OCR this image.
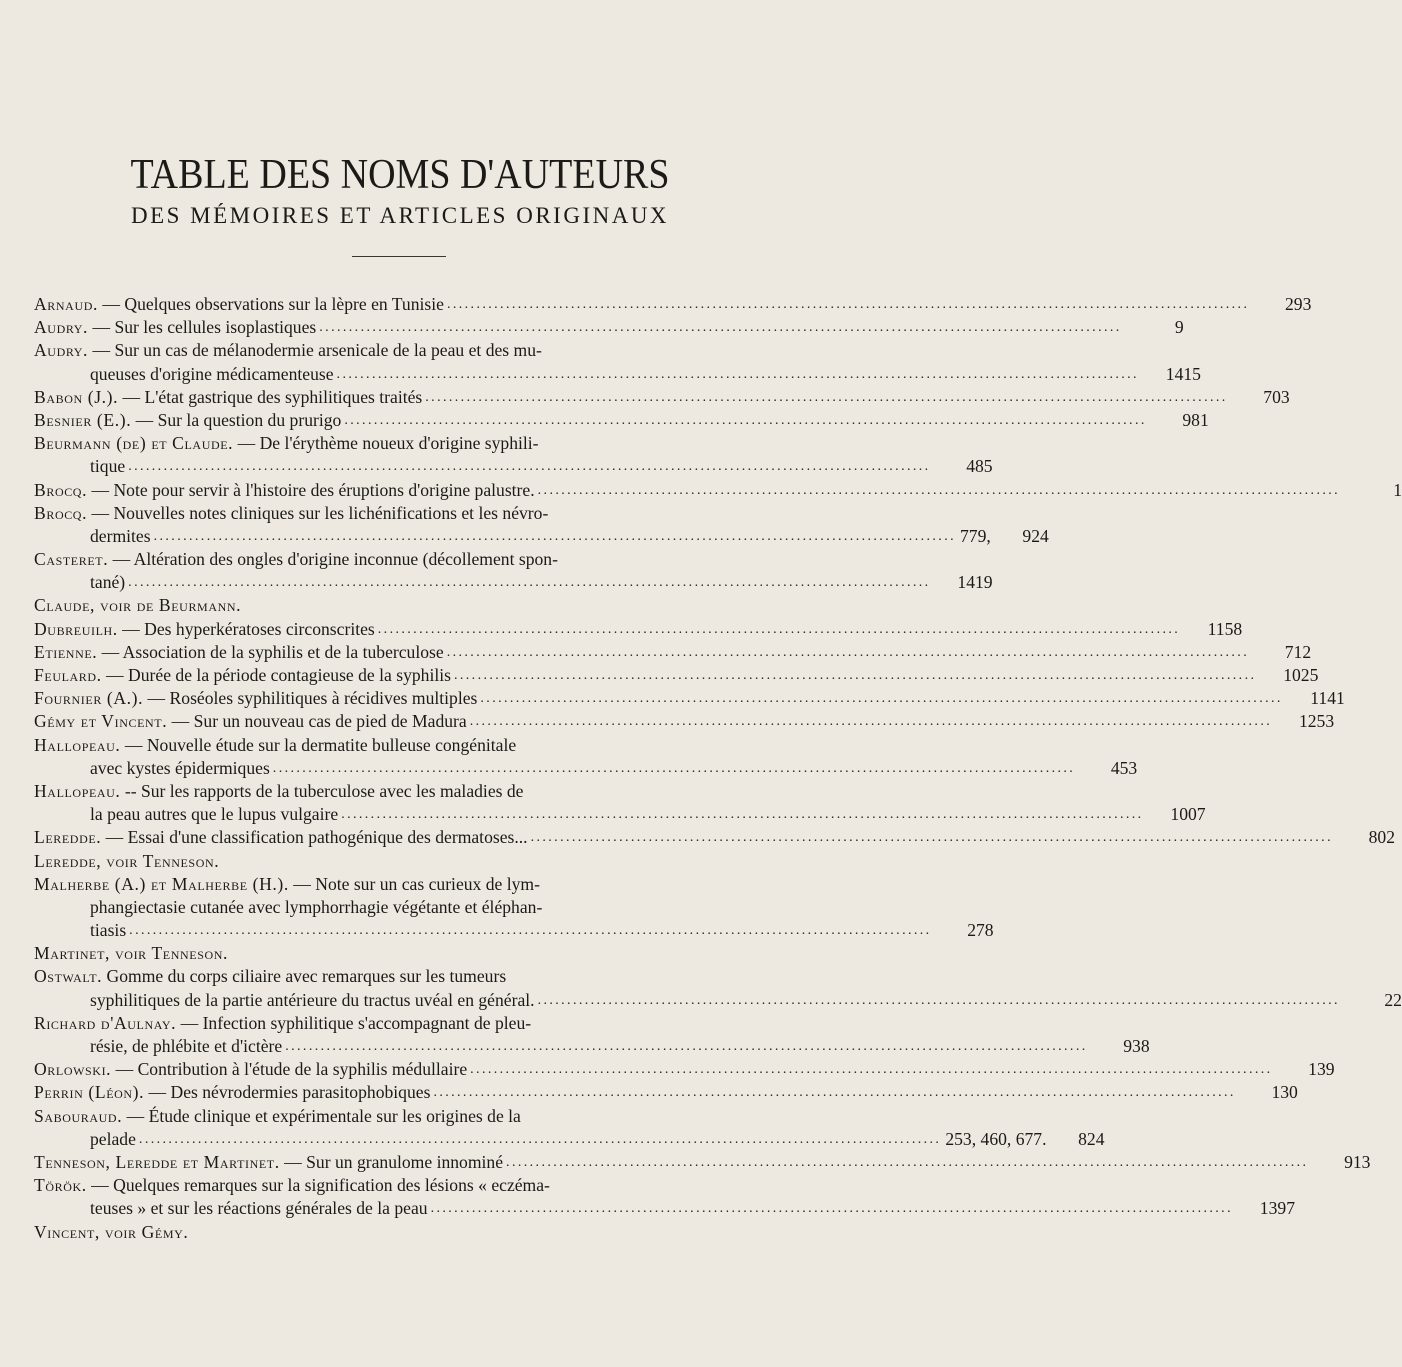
TABLE DES NOMS D'AUTEURS
DES MÉMOIRES ET ARTICLES ORIGINAUX
Arnaud. — Quelques observations sur la lèpre en Tunisie .....	293
Audry. — Sur les cellules isoplastiques .....	9
Audry. — Sur un cas de mélanodermie arsenicale de la peau et des mu-
queuses d'origine médicamenteuse .....	1415
Babon (J.). — L'état gastrique des syphilitiques traités .....	703
Besnier (E.). — Sur la question du prurigo .....	981
Beurmann (de) et Claude. — De l'érythème noueux d'origine syphili-
tique .....	485
Brocq. — Note pour servir à l'histoire des éruptions d'origine palustre. .....	1
Brocq. — Nouvelles notes cliniques sur les lichénifications et les névro-
dermites .....	779,	924
Casteret. — Altération des ongles d'origine inconnue (décollement spon-
tané) .....	1419
Claude, voir de Beurmann.
Dubreuilh. — Des hyperkératoses circonscrites .....	1158
Etienne. — Association de la syphilis et de la tuberculose .....	712
Feulard. — Durée de la période contagieuse de la syphilis .....	1025
Fournier (A.). — Roséoles syphilitiques à récidives multiples .....	1141
Gémy et Vincent. — Sur un nouveau cas de pied de Madura .....	1253
Hallopeau. — Nouvelle étude sur la dermatite bulleuse congénitale
avec kystes épidermiques .....	453
Hallopeau. -- Sur les rapports de la tuberculose avec les maladies de
la peau autres que le lupus vulgaire .....	1007
Leredde. — Essai d'une classification pathogénique des dermatoses... .....	802
Leredde, voir Tenneson.
Malherbe (A.) et Malherbe (H.). — Note sur un cas curieux de lym-
phangiectasie cutanée avec lymphorrhagie végétante et éléphan-
tiasis .....	278
Martinet, voir Tenneson.
Ostwalt. Gomme du corps ciliaire avec remarques sur les tumeurs
syphilitiques de la partie antérieure du tractus uvéal en général. .....	22
Richard d'Aulnay. — Infection syphilitique s'accompagnant de pleu-
résie, de phlébite et d'ictère .....	938
Orlowski. — Contribution à l'étude de la syphilis médullaire .....	139
Perrin (Léon). — Des névrodermies parasitophobiques .....	130
Sabouraud. — Étude clinique et expérimentale sur les origines de la
pelade .....	253, 460, 677.	824
Tenneson, Leredde et Martinet. — Sur un granulome innominé .....	913
Török. — Quelques remarques sur la signification des lésions « eczéma-
teuses » et sur les réactions générales de la peau .....	1397
Vincent, voir Gémy.
